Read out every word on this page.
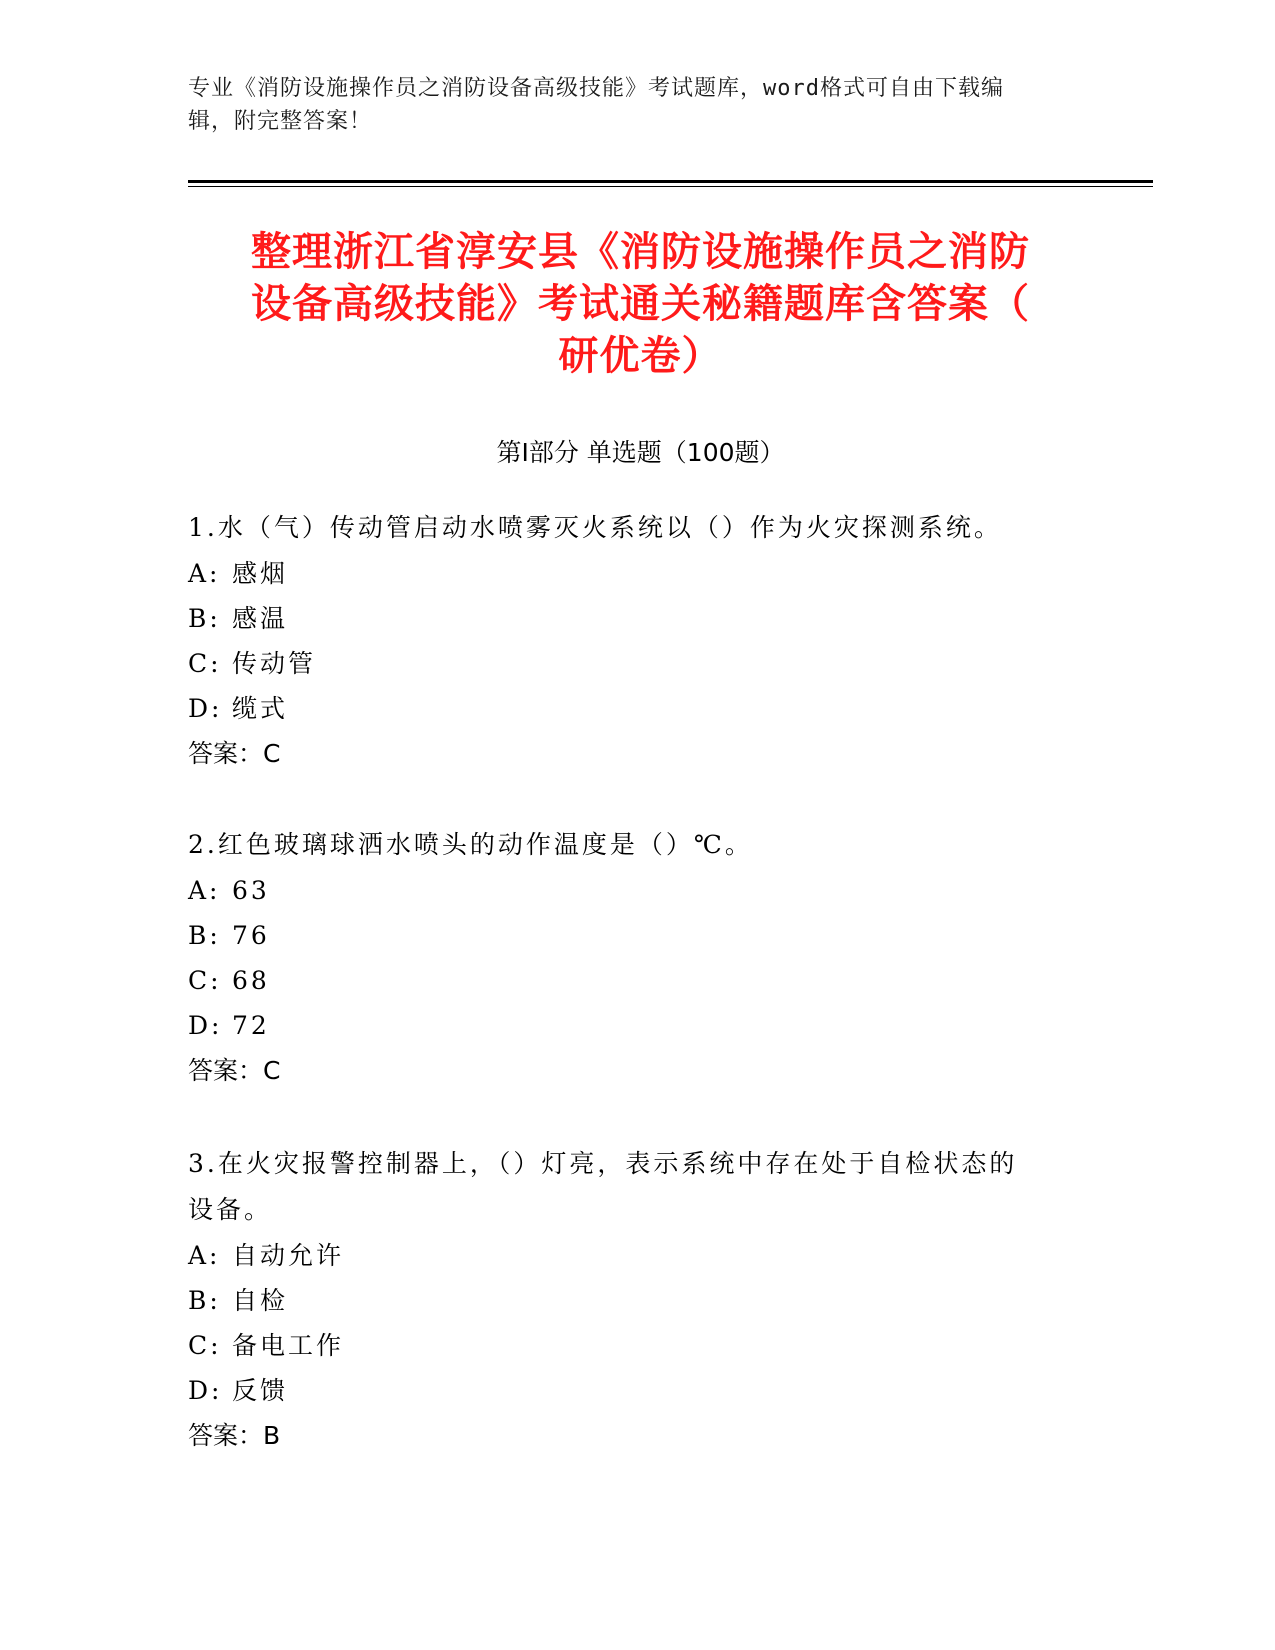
专业《消防设施操作员之消防设备高级技能》考试题库，word格式可自由下载编
辑，附完整答案！
整理浙江省淳安县《消防设施操作员之消防
设备高级技能》考试通关秘籍题库含答案（
研优卷）
第Ⅰ部分 单选题（100题）

1.水（气）传动管启动水喷雾灭火系统以（）作为火灾探测系统。

A: 感烟

B: 感温

C: 传动管

D: 缆式

答案：C

2.红色玻璃球洒水喷头的动作温度是（）℃。

A: 63

B: 76

C: 68

D: 72

答案：C

3.在火灾报警控制器上，（）灯亮，表示系统中存在处于自检状态的

设备。

A: 自动允许

B: 自检

C: 备电工作

D: 反馈

答案：B
